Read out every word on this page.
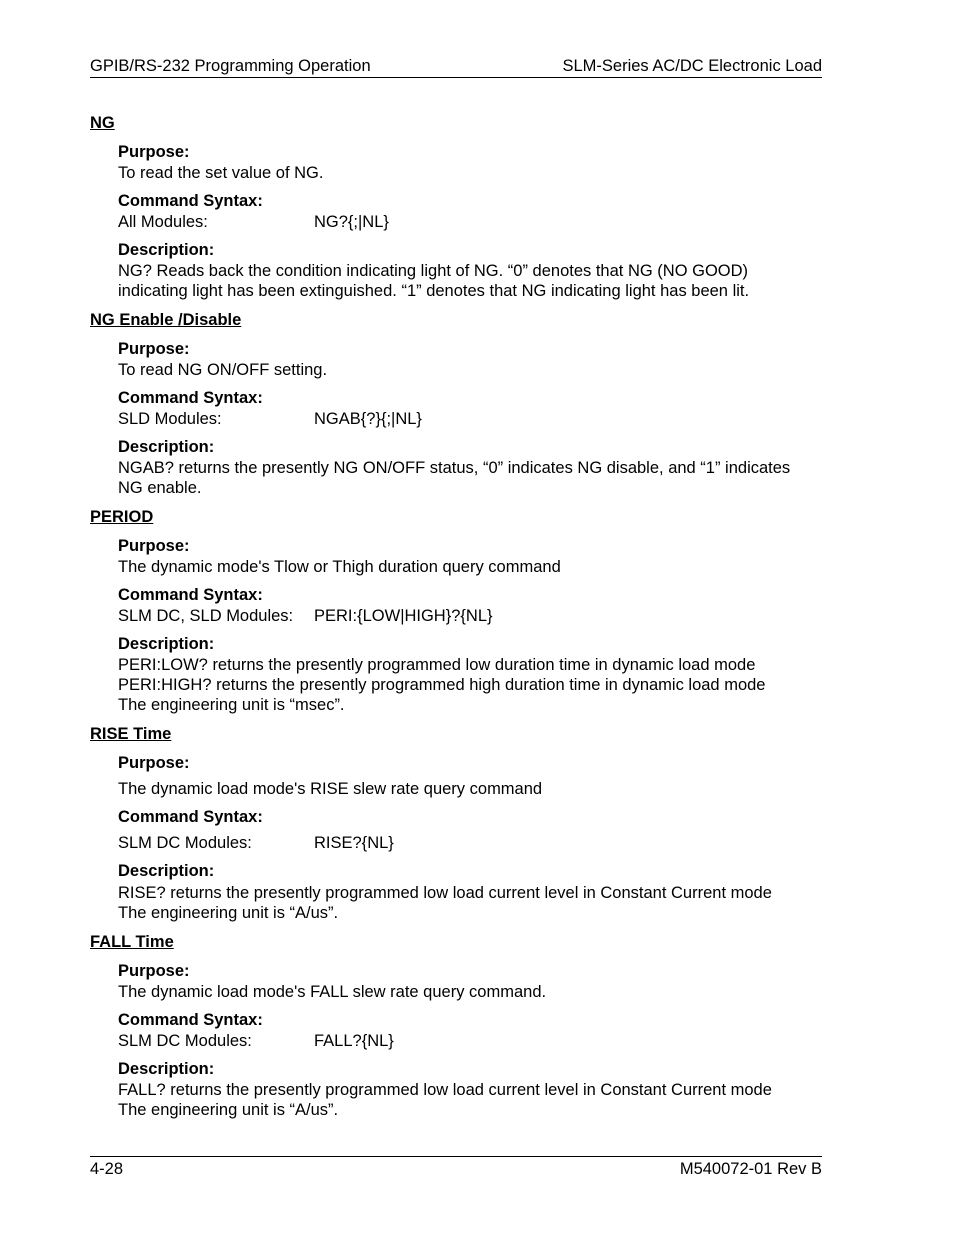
GPIB/RS-232 Programming Operation	SLM-Series AC/DC Electronic Load
NG
Purpose:
To read the set value of NG.
Command Syntax:
All Modules:	NG?{;|NL}
Description:
NG? Reads back the condition indicating light of NG. “0” denotes that NG (NO GOOD)
indicating light has been extinguished. “1” denotes that NG indicating light has been lit.
NG Enable /Disable
Purpose:
To read NG ON/OFF setting.
Command Syntax:
SLD Modules:	NGAB{?}{;|NL}
Description:
NGAB? returns the presently NG ON/OFF status, “0” indicates NG disable, and “1” indicates
NG enable.
PERIOD
Purpose:
The dynamic mode's Tlow or Thigh duration query command
Command Syntax:
SLM DC, SLD Modules: PERI:{LOW|HIGH}?{NL}
Description:
PERI:LOW? returns the presently programmed low duration time in dynamic load mode
PERI:HIGH? returns the presently programmed high duration time in dynamic load mode
The engineering unit is “msec”.
RISE Time
Purpose:
The dynamic load mode's RISE slew rate query command
Command Syntax:
SLM DC Modules:	RISE?{NL}
Description:
RISE? returns the presently programmed low load current level in Constant Current mode
The engineering unit is “A/us”.
FALL Time
Purpose:
The dynamic load mode's FALL slew rate query command.
Command Syntax:
SLM DC Modules:	FALL?{NL}
Description:
FALL? returns the presently programmed low load current level in Constant Current mode
The engineering unit is “A/us”.
4-28	M540072-01 Rev B
